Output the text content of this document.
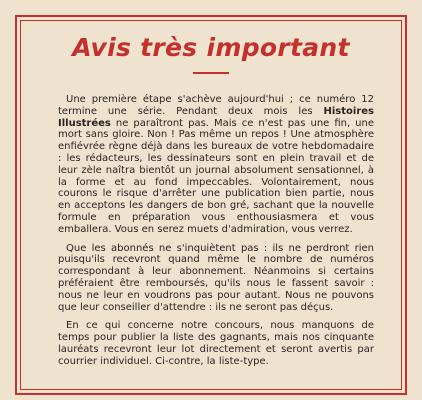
Avis très important

Une première étape s'achève aujourd'hui ; ce numéro 12 termine une série. Pendant deux mois les Histoires Illustrées ne paraîtront pas. Mais ce n'est pas une fin, une mort sans gloire. Non ! Pas même un repos ! Une atmosphère enfiévrée règne déjà dans les bureaux de votre hebdomadaire : les rédacteurs, les dessinateurs sont en plein travail et de leur zèle naîtra bientôt un journal absolument sensationnel, à la forme et au fond impeccables. Volontairement, nous courons le risque d'arrêter une publication bien partie, nous en acceptons les dangers de bon gré, sachant que la nouvelle formule en préparation vous enthousiasmera et vous emballera. Vous en serez muets d'admiration, vous verrez.

Que les abonnés ne s'inquiètent pas : ils ne perdront rien puisqu'ils recevront quand même le nombre de numéros correspondant à leur abonnement. Néanmoins si certains préféraient être remboursés, qu'ils nous le fassent savoir : nous ne leur en voudrons pas pour autant. Nous ne pouvons que leur conseiller d'attendre : ils ne seront pas déçus.

En ce qui concerne notre concours, nous manquons de temps pour publier la liste des gagnants, mais nos cinquante lauréats recevront leur lot directement et seront avertis par courrier individuel. Ci-contre, la liste-type.
